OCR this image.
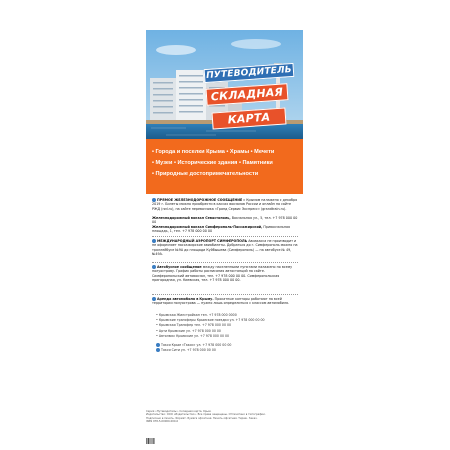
ПУТЕВОДИТЕЛЬ
СКЛАДНАЯ
КАРТА
• Города и поселки Крыма • Храмы • Мечети
• Музеи • Исторические здания • Памятники
• Природные достопримечательности
ПРЯМОЕ ЖЕЛЕЗНОДОРОЖНОЕ СООБЩЕНИЕ с Крымом налажено с декабря 2019 г. Билеты можно приобрести в кассах вокзалов России и онлайн на сайте РЖД (rzd.ru), на сайте перевозчика «Гранд Сервис Экспресс» (grandtrain.ru).
Железнодорожный вокзал Севастополь, Вокзальная ул., 5, тел. +7 978 000 00 00
Железнодорожный вокзал Симферополь-Пассажирский, Привокзальная площадь, 1, тел. +7 978 000 00 00
МЕЖДУНАРОДНЫЙ АЭРОПОРТ СИМФЕРОПОЛЬ Авиакасса не производит и не оформляет пассажирские авиабилеты. Добраться до г. Симферополь можно на троллейбусе №9А до площади Куйбышева (Симферополь) — на автобусе № 49, №49А.
Автобусное сообщение между населенными пунктами налажено по всему полуострову. График работы расписания автостанций на сайте. Симферопольский автовокзал, тел. +7 978 000 00 00. Симферопольская пригородная, ул. Киевская, тел. +7 978 000 00 00.
Аренда автомобиля в Крыму. Прокатные конторы работают на всей территории полуострова — нужно лишь определиться с классом автомобиля.
• Крымская Жилстройкап тел. +7 978 000 0000
• Крымские трансферы Крымские поездки ул. +7 978 000 00 00
• Крымская Трансфер тел. +7 978 000 00 00
• Арти Крымские ул. +7 978 000 00 00
• Автолюкс Крымские ул. +7 978 000 00 00
Такси Крым «Такси» ул. +7 978 000 00 00
Такси Сити ул. +7 978 000 00 00
Серия «Путеводитель». Складная карта. Крым.
Издательство: ООО «Издательство». Все права защищены. Отпечатано в типографии.
Подписано в печать. Формат. Бумага офсетная. Печать офсетная. Тираж. Заказ.
ISBN 978-5-00000-000-0
